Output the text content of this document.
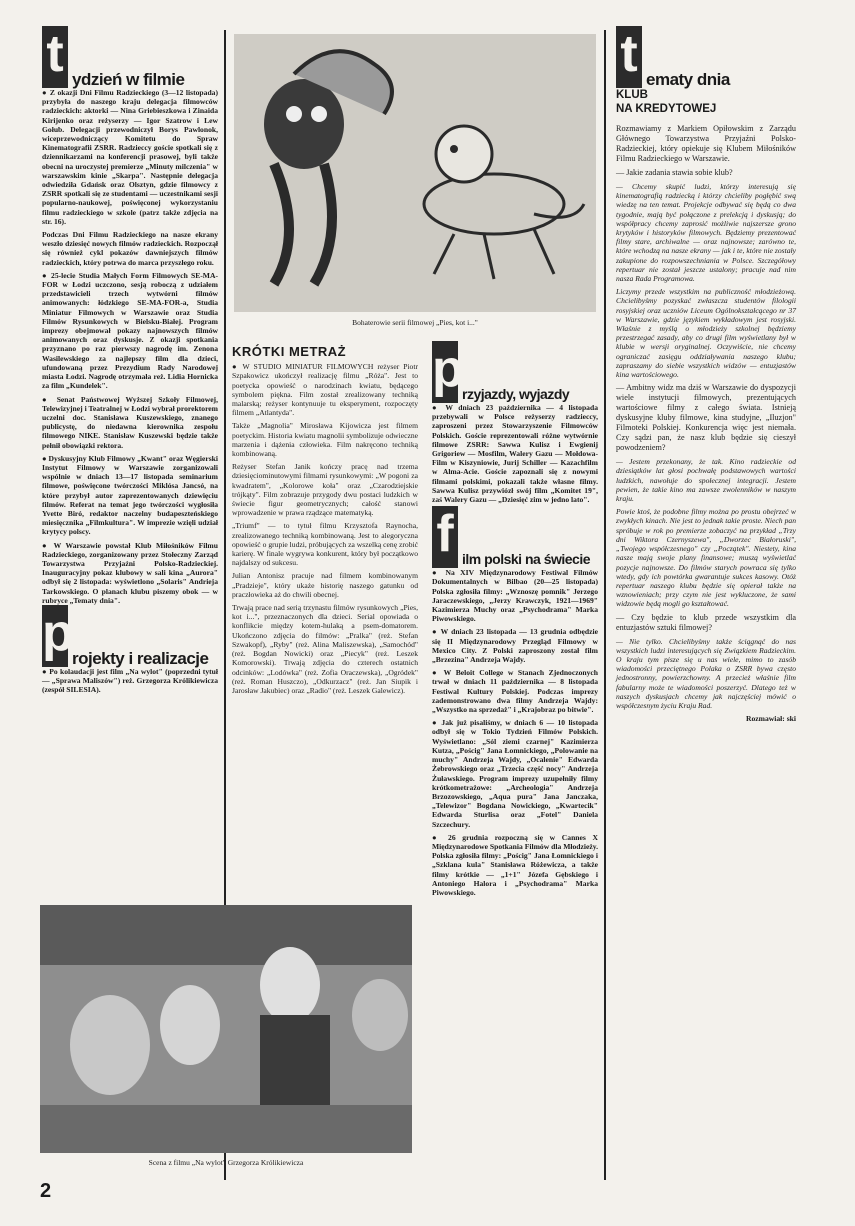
t ydzień w filmie

● Z okazji Dni Filmu Radzieckiego (3—12 listopada) przybyła do naszego kraju delegacja filmowców radzieckich: aktorki — Nina Griebieszkowa i Zinaida Kirijenko oraz reżyserzy — Igor Szatrow i Lew Gołub. Delegacji przewodniczył Borys Pawlonok, wiceprzewodniczący Komitetu do Spraw Kinematografii ZSRR. Radzieccy goście spotkali się z dziennikarzami na konferencji prasowej, byli także obecni na uroczystej premierze „Minuty milczenia" w warszawskim kinie „Skarpa". Następnie delegacja odwiedziła Gdańsk oraz Olsztyn, gdzie filmowcy z ZSRR spotkali się ze studentami — uczestnikami sesji popularno-naukowej, poświęconej wykorzystaniu filmu radzieckiego w szkole (patrz także zdjęcia na str. 16).

Podczas Dni Filmu Radzieckiego na nasze ekrany weszło dziesięć nowych filmów radzieckich. Rozpoczął się również cykl pokazów dawniejszych filmów radzieckich, który potrwa do marca przyszłego roku.

● 25-lecie Studia Małych Form Filmowych SE-MA-FOR w Łodzi uczczono, sesją roboczą z udziałem przedstawicieli trzech wytwórni filmów animowanych: łódzkiego SE-MA-FOR-a, Studia Miniatur Filmowych w Warszawie oraz Studia Filmów Rysunkowych w Bielsku-Białej. Program imprezy obejmował pokazy najnowszych filmów animowanych oraz dyskusje. Z okazji spotkania przyznano po raz pierwszy nagrodę im. Zenona Wasilewskiego za najlepszy film dla dzieci, ufundowaną przez Prezydium Rady Narodowej miasta Łodzi. Nagrodę otrzymała reż. Lidia Hornicka za film „Kundelek".

● Senat Państwowej Wyższej Szkoły Filmowej, Telewizyjnej i Teatralnej w Łodzi wybrał prorektorem uczelni doc. Stanisława Kuszewskiego, znanego publicystę, do niedawna kierownika zespołu filmowego NIKE. Stanisław Kuszewski będzie także pełnił obowiązki rektora.

● Dyskusyjny Klub Filmowy „Kwant" oraz Węgierski Instytut Filmowy w Warszawie zorganizowali wspólnie w dniach 13—17 listopada seminarium filmowe, poświęcone twórczości Miklósa Jancsó, na które przybył autor zaprezentowanych dziewięciu filmów. Referat na temat jego twórczości wygłosiła Yvette Biró, redaktor naczelny budapeszteńskiego miesięcznika „Filmkultura". W imprezie wzięli udział krytycy polscy.

● W Warszawie powstał Klub Miłośników Filmu Radzieckiego, zorganizowany przez Stołeczny Zarząd Towarzystwa Przyjaźni Polsko-Radzieckiej. Inauguracyjny pokaz klubowy w sali kina „Aurora" odbył się 2 listopada: wyświetlono „Solaris" Andrieja Tarkowskiego. O planach klubu piszemy obok — w rubryce „Tematy dnia".

p
rojekty i realizacje

● Po kolaudacji jest film „Na wylot" (poprzedni tytuł — „Sprawa Maliszów") reż. Grzegorza Królikiewicza (zespół SILESIA).

Bohaterowie serii filmowej „Pies, kot i..."
KRÓTKI METRAŻ

● W STUDIO MINIATUR FILMOWYCH reżyser Piotr Szpakowicz ukończył realizację filmu „Róża". Jest to poetycka opowieść o narodzinach kwiatu, będącego symbolem piękna. Film został zrealizowany techniką malarską; reżyser kontynuuje tu eksperyment, rozpoczęty filmem „Atlantyda".

Także „Magnolia" Mirosława Kijowicza jest filmem poetyckim. Historia kwiatu magnolii symbolizuje odwieczne marzenia i dążenia człowieka. Film nakręcono techniką kombinowaną.

Reżyser Stefan Janik kończy pracę nad trzema dziesięciominutowymi filmami rysunkowymi: „W pogoni za kwadratem", „Kolorowe koła" oraz „Czarodziejskie trójkąty". Film zobrazuje przygody dwu postaci ludzkich w świecie figur geometrycznych; całość stanowi wprowadzenie w prawa rządzące matematyką.

„Triumf" — to tytuł filmu Krzysztofa Raynocha, zrealizowanego techniką kombinowaną. Jest to alegoryczna opowieść o grupie ludzi, próbujących za wszelką cenę zrobić karierę. W finale wygrywa konkurent, który był początkowo najdalszy od sukcesu.

Julian Antonisz pracuje nad filmem kombinowanym „Pradzieje", który ukaże historię naszego gatunku od praczłowieka aż do chwili obecnej.

Trwają prace nad serią trzynastu filmów rysunkowych „Pies, kot i...", przeznaczonych dla dzieci. Serial opowiada o konflikcie między kotem-hulaką a psem-domatorem. Ukończono zdjęcia do filmów: „Pralka" (reż. Stefan Szwakopf), „Ryby" (reż. Alina Maliszewska), „Samochód" (reż. Bogdan Nowicki) oraz „Piecyk" (reż. Leszek Komorowski). Trwają zdjęcia do czterech ostatnich odcinków: „Lodówka" (reż. Zofia Oraczewska), „Ogródek" (reż. Roman Huszczo), „Odkurzacz" (reż. Jan Siupik i Jarosław Jakubiec) oraz „Radio" (reż. Leszek Galewicz).

p
rzyjazdy, wyjazdy

● W dniach 23 października — 4 listopada przebywali w Polsce reżyserzy radzieccy, zaproszeni przez Stowarzyszenie Filmowców Polskich. Goście reprezentowali różne wytwórnie filmowe ZSRR: Sawwa Kulisz i Ewgienij Grigoriew — Mosfilm, Walery Gazu — Mołdowa-Film w Kiszyniowie, Jurij Schiller — Kazachfilm w Alma-Acie. Goście zapoznali się z nowymi filmami polskimi, pokazali także własne filmy. Sawwa Kulisz przywiózł swój film „Komitet 19", zaś Walery Gazu — „Dziesięć zim w jedno lato".

f ilm polski na świecie

● Na XIV Międzynarodowy Festiwal Filmów Dokumentalnych w Bilbao (20—25 listopada) Polska zgłosiła filmy: „Wznoszę pomnik" Jerzego Jaraczewskiego, „Jerzy Krawczyk, 1921—1969" Kazimierza Muchy oraz „Psychodrama" Marka Piwowskiego.

● W dniach 23 listopada — 13 grudnia odbędzie się II Międzynarodowy Przegląd Filmowy w Mexico City. Z Polski zaproszony został film „Brzezina" Andrzeja Wajdy.

● W Beloit College w Stanach Zjednoczonych trwał w dniach 11 października — 8 listopada Festiwal Kultury Polskiej. Podczas imprezy zademonstrowano dwa filmy Andrzeja Wajdy: „Wszystko na sprzedaż" i „Krajobraz po bitwie".

● Jak już pisaliśmy, w dniach 6 — 10 listopada odbył się w Tokio Tydzień Filmów Polskich. Wyświetlano: „Sól ziemi czarnej" Kazimierza Kutza, „Pościg" Jana Łomnickiego, „Polowanie na muchy" Andrzeja Wajdy, „Ocalenie" Edwarda Żebrowskiego oraz „Trzecia część nocy" Andrzeja Żuławskiego. Program imprezy uzupełniły filmy krótkometrażowe: „Archeologia" Andrzeja Brzozowskiego, „Aqua pura" Jana Janczaka, „Telewizor" Bogdana Nowickiego, „Kwartecik" Edwarda Sturlisa oraz „Fotel" Daniela Szczechury.

● 26 grudnia rozpoczną się w Cannes X Międzynarodowe Spotkania Filmów dla Młodzieży. Polska zgłosiła filmy: „Pościg" Jana Łomnickiego i „Szklana kula" Stanisława Różewicza, a także filmy krótkie — „1+1" Józefa Gębskiego i Antoniego Halora i „Psychodrama" Marka Piwowskiego.

Scena z filmu „Na wylot" Grzegorza Królikiewicza
t ematy dnia
KLUB
NA KREDYTOWEJ

Rozmawiamy z Markiem Opiłowskim z Zarządu Głównego Towarzystwa Przyjaźni Polsko-Radzieckiej, który opiekuje się Klubem Miłośników Filmu Radzieckiego w Warszawie.

— Jakie zadania stawia sobie klub?

— Chcemy skupić ludzi, którzy interesują się kinematografią radziecką i którzy chcieliby pogłębić swą wiedzę na ten temat. Projekcje odbywać się będą co dwa tygodnie, mają być połączone z prelekcją i dyskusją; do współpracy chcemy zaprosić możliwie najszersze grono krytyków i historyków filmowych. Będziemy prezentować filmy stare, archiwalne — oraz najnowsze; zarówno te, które wchodzą na nasze ekrany — jak i te, które nie zostały zakupione do rozpowszechniania w Polsce. Szczegółowy repertuar nie został jeszcze ustalony; pracuje nad nim nasza Rada Programowa.

Liczymy przede wszystkim na publiczność młodzieżową. Chcielibyśmy pozyskać zwłaszcza studentów filologii rosyjskiej oraz uczniów Liceum Ogólnokształcącego nr 37 w Warszawie, gdzie językiem wykładowym jest rosyjski. Właśnie z myślą o młodzieży szkolnej będziemy przestrzegać zasady, aby co drugi film wyświetlany był w klubie w wersji oryginalnej. Oczywiście, nie chcemy ograniczać zasięgu oddziaływania naszego klubu; zapraszamy do siebie wszystkich widzów — entuzjastów kina wartościowego.

— Ambitny widz ma dziś w Warszawie do dyspozycji wiele instytucji filmowych, prezentujących wartościowe filmy z całego świata. Istnieją dyskusyjne kluby filmowe, kina studyjne, „Iluzjon" Filmoteki Polskiej. Konkurencja więc jest niemała. Czy sądzi pan, że nasz klub będzie się cieszył powodzeniem?

— Jestem przekonany, że tak. Kino radzieckie od dziesiątków lat głosi pochwałę podstawowych wartości ludzkich, nawołuje do społecznej integracji. Jestem pewien, że takie kino ma zawsze zwolenników w naszym kraju.

Powie ktoś, że podobne filmy można po prostu obejrzeć w zwykłych kinach. Nie jest to jednak takie proste. Niech pan spróbuje w rok po premierze zobaczyć na przykład „Trzy dni Wiktora Czernyszewa", „Dworzec Białoruski", „Twojego współczesnego" czy „Początek". Niestety, kina nasze mają swoje plany finansowe; muszą wyświetlać pozycje najnowsze. Do filmów starych powraca się tylko wtedy, gdy ich powtórka gwarantuje sukces kasowy. Otóż repertuar naszego klubu będzie się opierał także na wznowieniach; przy czym nie jest wykluczone, że sami widzowie będą mogli go kształtować.

— Czy będzie to klub przede wszystkim dla entuzjastów sztuki filmowej?

— Nie tylko. Chcielibyśmy także ściągnąć do nas wszystkich ludzi interesujących się Związkiem Radzieckim. O kraju tym pisze się u nas wiele, mimo to zasób wiadomości przeciętnego Polaka o ZSRR bywa często jednostronny, powierzchowny. A przecież właśnie film fabularny może te wiadomości poszerzyć. Dlatego też w naszych dyskusjach chcemy jak najczęściej mówić o współczesnym życiu Kraju Rad.

Rozmawiał: ski

2
